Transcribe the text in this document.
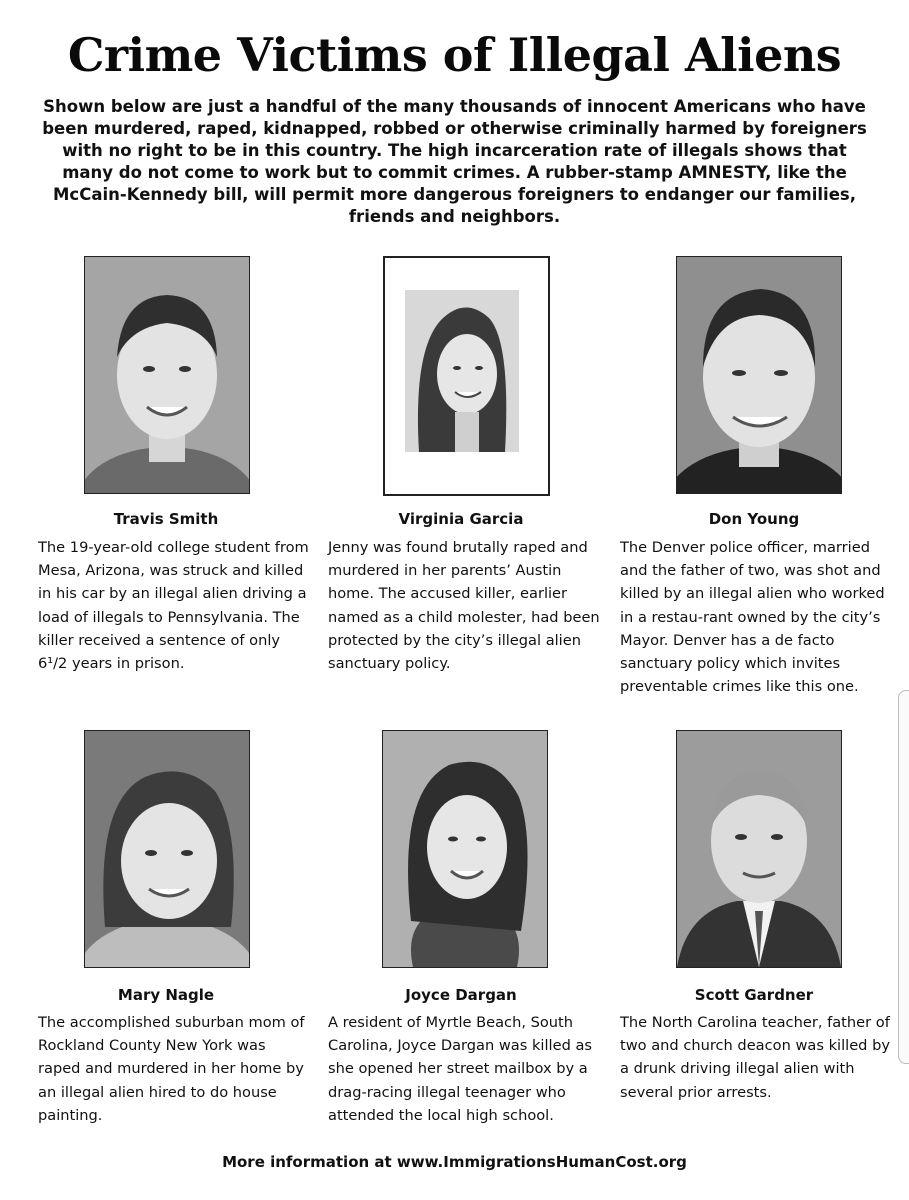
Crime Victims of Illegal Aliens

Shown below are just a handful of the many thousands of innocent Americans who have been murdered, raped, kidnapped, robbed or otherwise criminally harmed by foreigners with no right to be in this country. The high incarceration rate of illegals shows that many do not come to work but to commit crimes. A rubber-stamp AMNESTY, like the McCain-Kennedy bill, will permit more dangerous foreigners to endanger our families, friends and neighbors.

Travis Smith	Virginia Garcia	Don Young

The 19-year-old college student from Mesa, Arizona, was struck and killed in his car by an illegal alien driving a load of illegals to Pennsylvania. The killer received a sentence of only 6¹/2 years in prison.

Jenny was found brutally raped and murdered in her parents’ Austin home. The accused killer, earlier named as a child molester, had been protected by the city’s illegal alien sanctuary policy.

The Denver police officer, married and the father of two, was shot and killed by an illegal alien who worked in a restau-rant owned by the city’s Mayor. Denver has a de facto sanctuary policy which invites preventable crimes like this one.

Mary Nagle	Joyce Dargan	Scott Gardner

The accomplished suburban mom of Rockland County New York was raped and murdered in her home by an illegal alien hired to do house painting.

A resident of Myrtle Beach, South Carolina, Joyce Dargan was killed as she opened her street mailbox by a drag-racing illegal teenager who attended the local high school.

The North Carolina teacher, father of two and church deacon was killed by a drunk driving illegal alien with several prior arrests.

More information at www.ImmigrationsHumanCost.org
